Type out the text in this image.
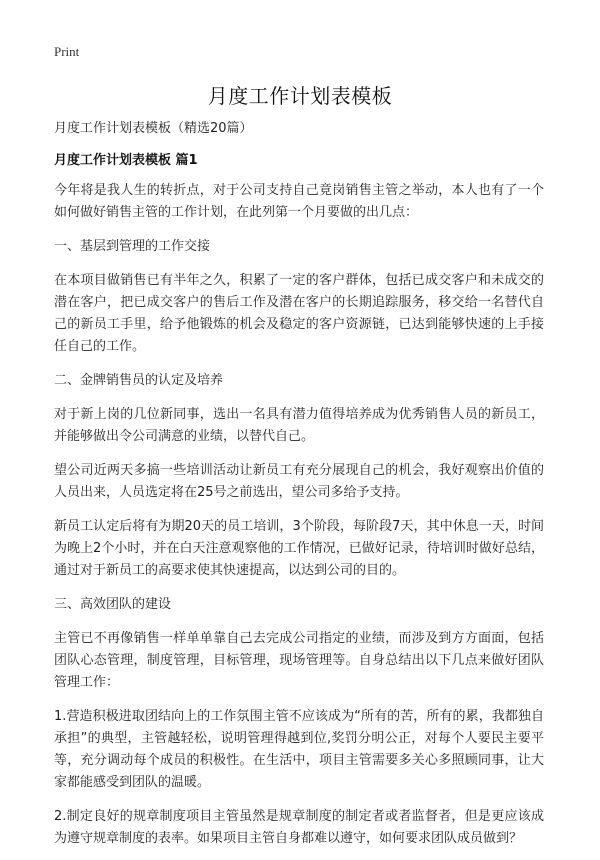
Print
月度工作计划表模板

月度工作计划表模板（精选20篇）

月度工作计划表模板 篇1

今年将是我人生的转折点，对于公司支持自己竟岗销售主管之举动，本人也有了一个如何做好销售主管的工作计划，在此列第一个月要做的出几点：

一、基层到管理的工作交接

在本项目做销售已有半年之久，积累了一定的客户群体，包括已成交客户和未成交的潜在客户，把已成交客户的售后工作及潜在客户的长期追踪服务，移交给一名替代自己的新员工手里，给予他锻炼的机会及稳定的客户资源链，已达到能够快速的上手接任自己的工作。

二、金牌销售员的认定及培养

对于新上岗的几位新同事，选出一名具有潜力值得培养成为优秀销售人员的新员工，并能够做出令公司满意的业绩，以替代自己。

望公司近两天多搞一些培训活动让新员工有充分展现自己的机会，我好观察出价值的人员出来，人员选定将在25号之前选出，望公司多给予支持。

新员工认定后将有为期20天的员工培训，3个阶段，每阶段7天，其中休息一天，时间为晚上2个小时，并在白天注意观察他的工作情况，已做好记录，待培训时做好总结，通过对于新员工的高要求使其快速提高，以达到公司的目的。

三、高效团队的建设

主管已不再像销售一样单单靠自己去完成公司指定的业绩，而涉及到方方面面，包括团队心态管理，制度管理，目标管理，现场管理等。自身总结出以下几点来做好团队管理工作：

1.营造积极进取团结向上的工作氛围主管不应该成为“所有的苦，所有的累，我都独自承担”的典型，主管越轻松，说明管理得越到位,奖罚分明公正，对每个人要民主要平等，充分调动每个成员的积极性。在生活中，项目主管需要多关心多照顾同事，让大家都能感受到团队的温暖。

2.制定良好的规章制度项目主管虽然是规章制度的制定者或者监督者，但是更应该成为遵守规章制度的表率。如果项目主管自身都难以遵守，如何要求团队成员做到？
